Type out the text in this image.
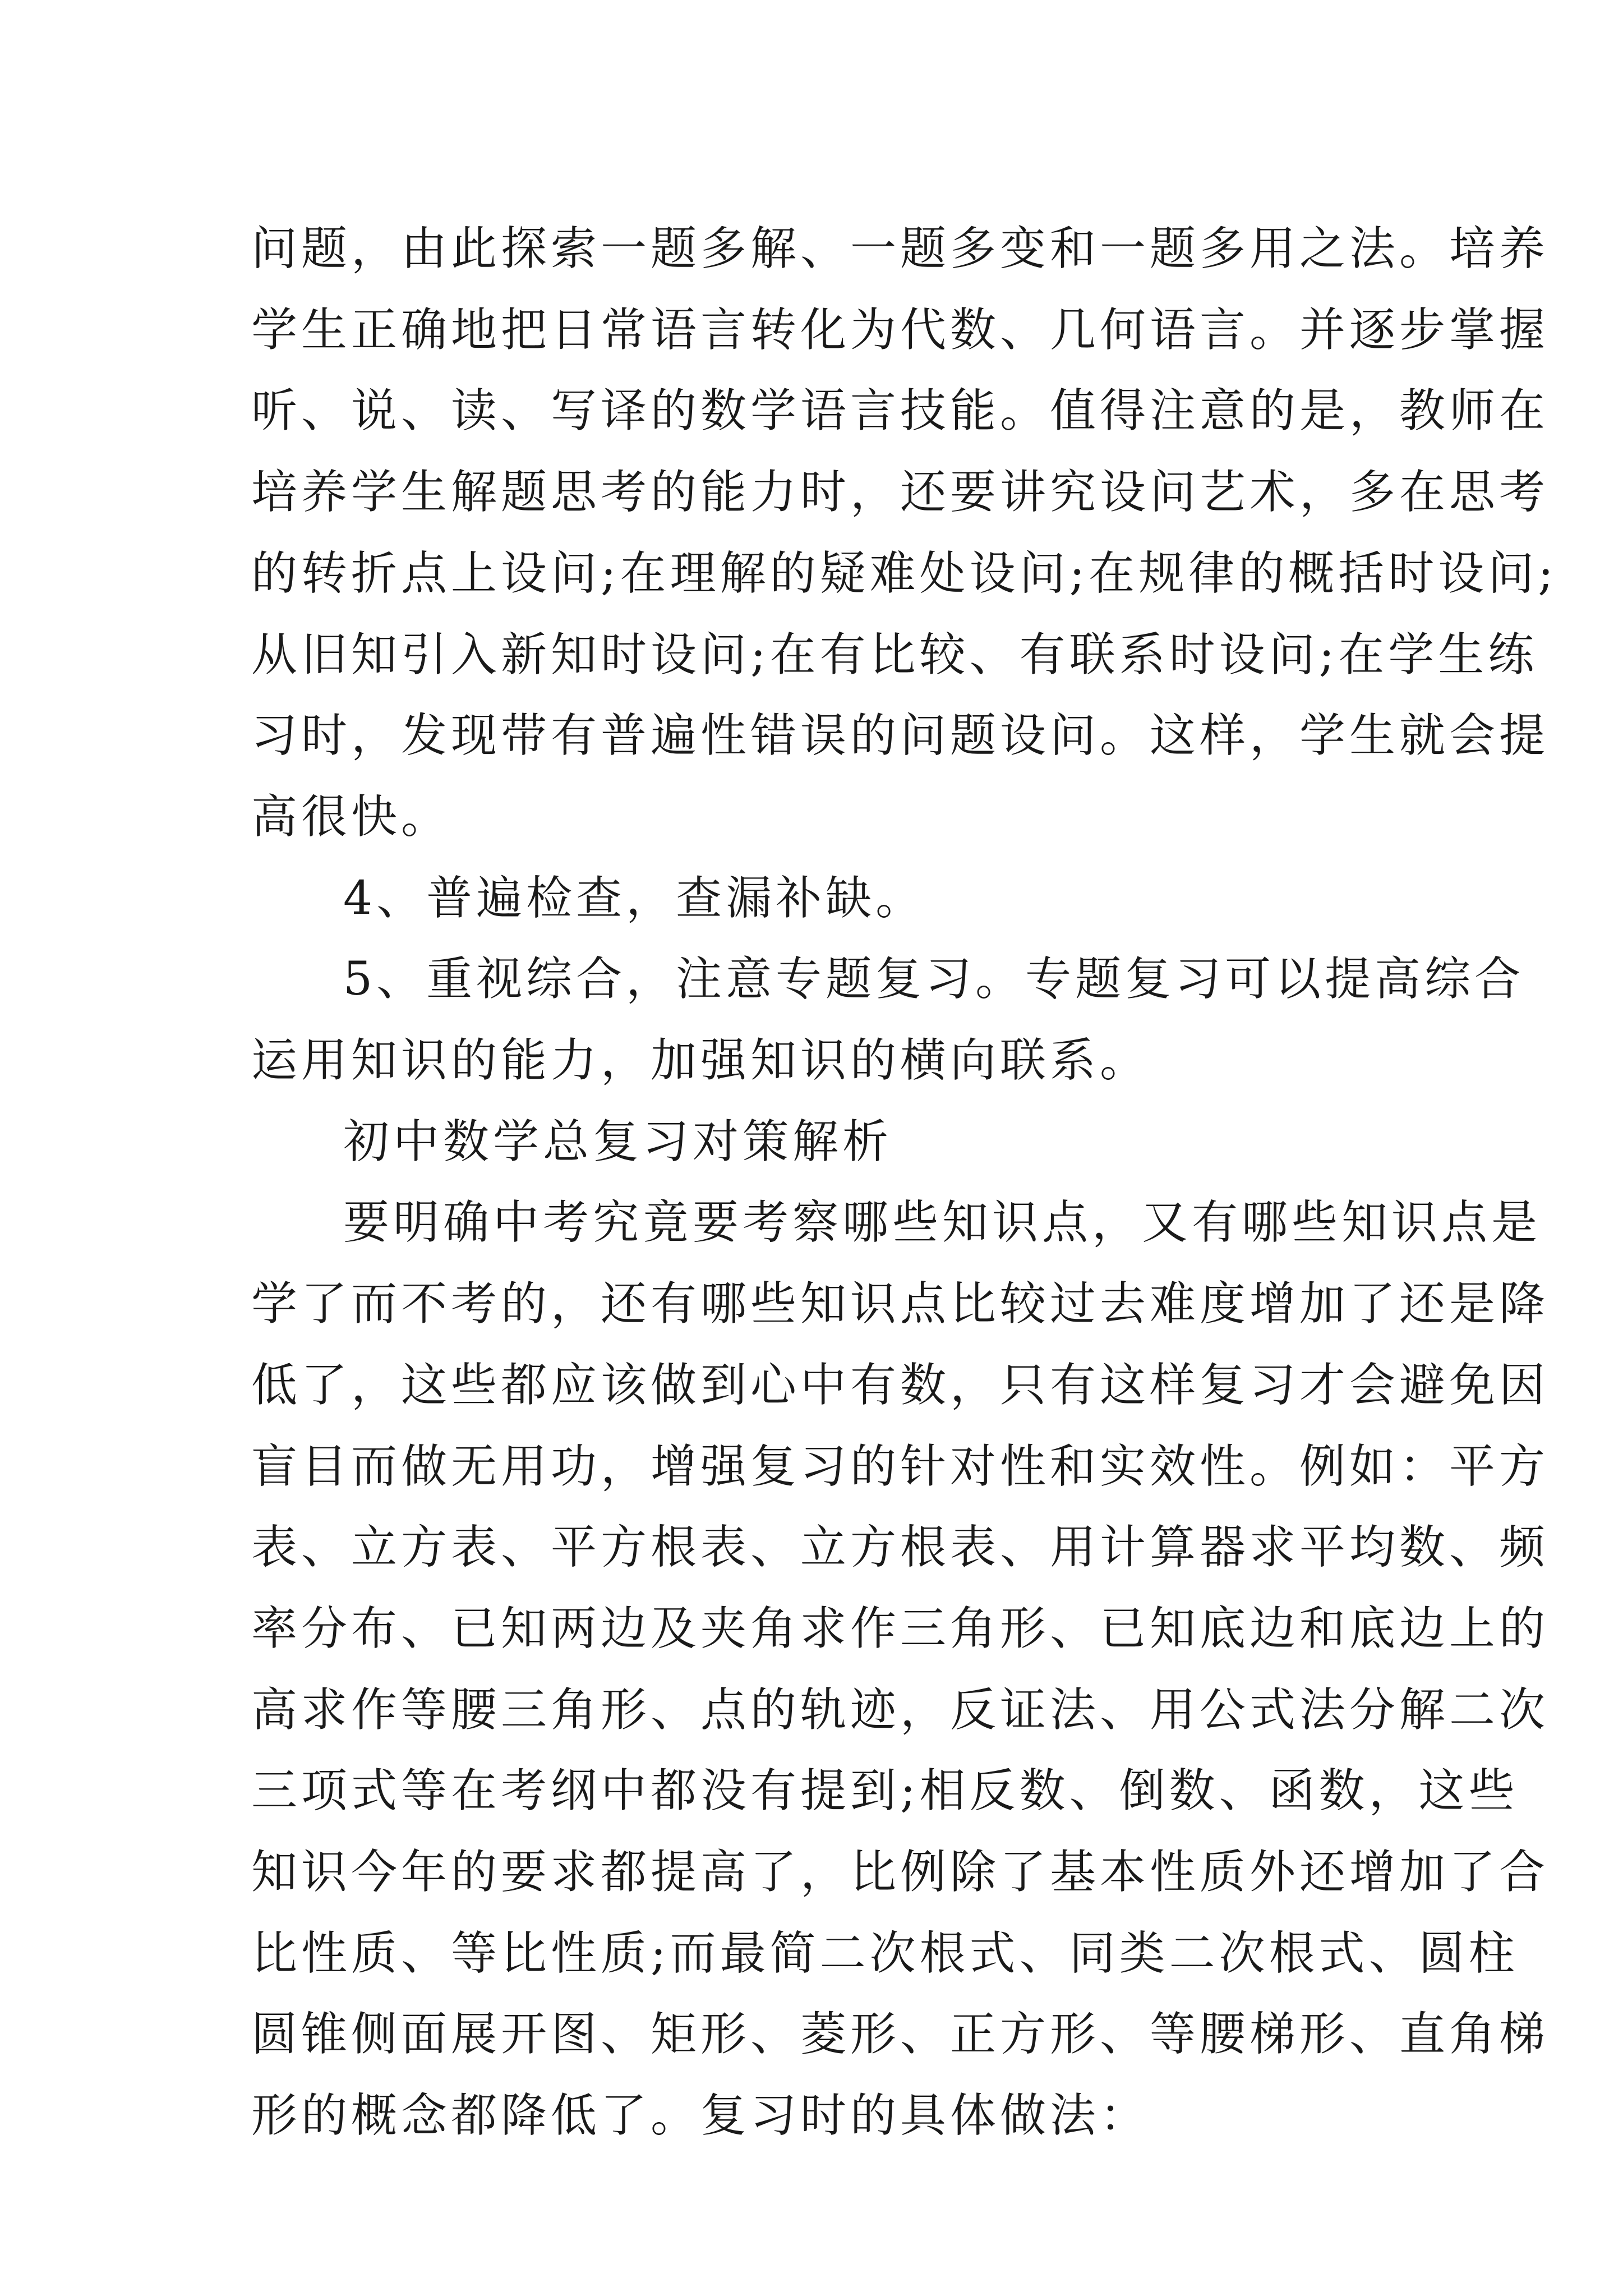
问题，由此探索一题多解、一题多变和一题多用之法。培养
学生正确地把日常语言转化为代数、几何语言。并逐步掌握
听、说、读、写译的数学语言技能。值得注意的是，教师在
培养学生解题思考的能力时，还要讲究设问艺术，多在思考
的转折点上设问;在理解的疑难处设问;在规律的概括时设问;
从旧知引入新知时设问;在有比较、有联系时设问;在学生练
习时，发现带有普遍性错误的问题设问。这样，学生就会提
高很快。

4、普遍检查，查漏补缺。

5、重视综合，注意专题复习。专题复习可以提高综合
运用知识的能力，加强知识的横向联系。

初中数学总复习对策解析

要明确中考究竟要考察哪些知识点，又有哪些知识点是
学了而不考的，还有哪些知识点比较过去难度增加了还是降
低了，这些都应该做到心中有数，只有这样复习才会避免因
盲目而做无用功，增强复习的针对性和实效性。例如：平方
表、立方表、平方根表、立方根表、用计算器求平均数、频
率分布、已知两边及夹角求作三角形、已知底边和底边上的
高求作等腰三角形、点的轨迹，反证法、用公式法分解二次
三项式等在考纲中都没有提到;相反数、倒数、函数，这些
知识今年的要求都提高了，比例除了基本性质外还增加了合
比性质、等比性质;而最简二次根式、同类二次根式、圆柱
圆锥侧面展开图、矩形、菱形、正方形、等腰梯形、直角梯
形的概念都降低了。复习时的具体做法：
